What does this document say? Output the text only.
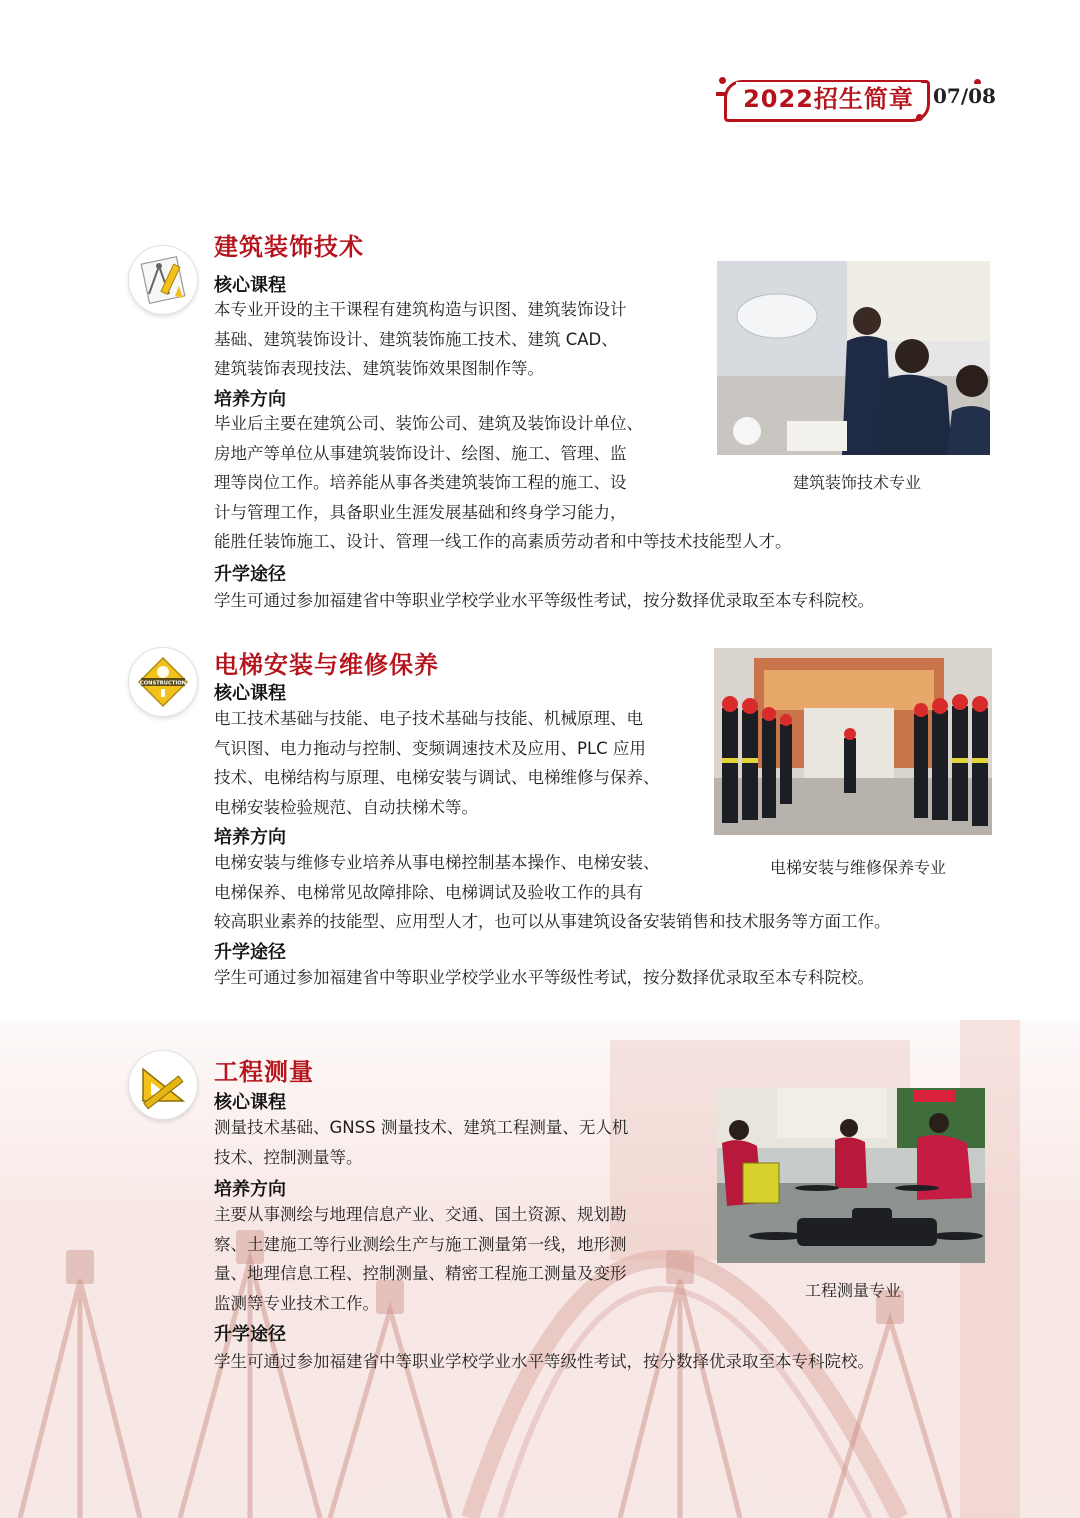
2022招生简章 07/08
建筑装饰技术
核心课程
本专业开设的主干课程有建筑构造与识图、建筑装饰设计
基础、建筑装饰设计、建筑装饰施工技术、建筑 CAD、
建筑装饰表现技法、建筑装饰效果图制作等。
培养方向
毕业后主要在建筑公司、装饰公司、建筑及装饰设计单位、
房地产等单位从事建筑装饰设计、绘图、施工、管理、监
理等岗位工作。培养能从事各类建筑装饰工程的施工、设
计与管理工作，具备职业生涯发展基础和终身学习能力，
能胜任装饰施工、设计、管理一线工作的高素质劳动者和中等技术技能型人才。
升学途径
学生可通过参加福建省中等职业学校学业水平等级性考试，按分数择优录取至本专科院校。
建筑装饰技术专业
CONSTRUCTION
电梯安装与维修保养
核心课程
电工技术基础与技能、电子技术基础与技能、机械原理、电
气识图、电力拖动与控制、变频调速技术及应用、PLC 应用
技术、电梯结构与原理、电梯安装与调试、电梯维修与保养、
电梯安装检验规范、自动扶梯术等。
培养方向
电梯安装与维修专业培养从事电梯控制基本操作、电梯安装、
电梯保养、电梯常见故障排除、电梯调试及验收工作的具有
较高职业素养的技能型、应用型人才，也可以从事建筑设备安装销售和技术服务等方面工作。
升学途径
学生可通过参加福建省中等职业学校学业水平等级性考试，按分数择优录取至本专科院校。
电梯安装与维修保养专业
工程测量
核心课程
测量技术基础、GNSS 测量技术、建筑工程测量、无人机
技术、控制测量等。
培养方向
主要从事测绘与地理信息产业、交通、国土资源、规划勘
察、土建施工等行业测绘生产与施工测量第一线，地形测
量、地理信息工程、控制测量、精密工程施工测量及变形
监测等专业技术工作。
升学途径
学生可通过参加福建省中等职业学校学业水平等级性考试，按分数择优录取至本专科院校。
工程测量专业
